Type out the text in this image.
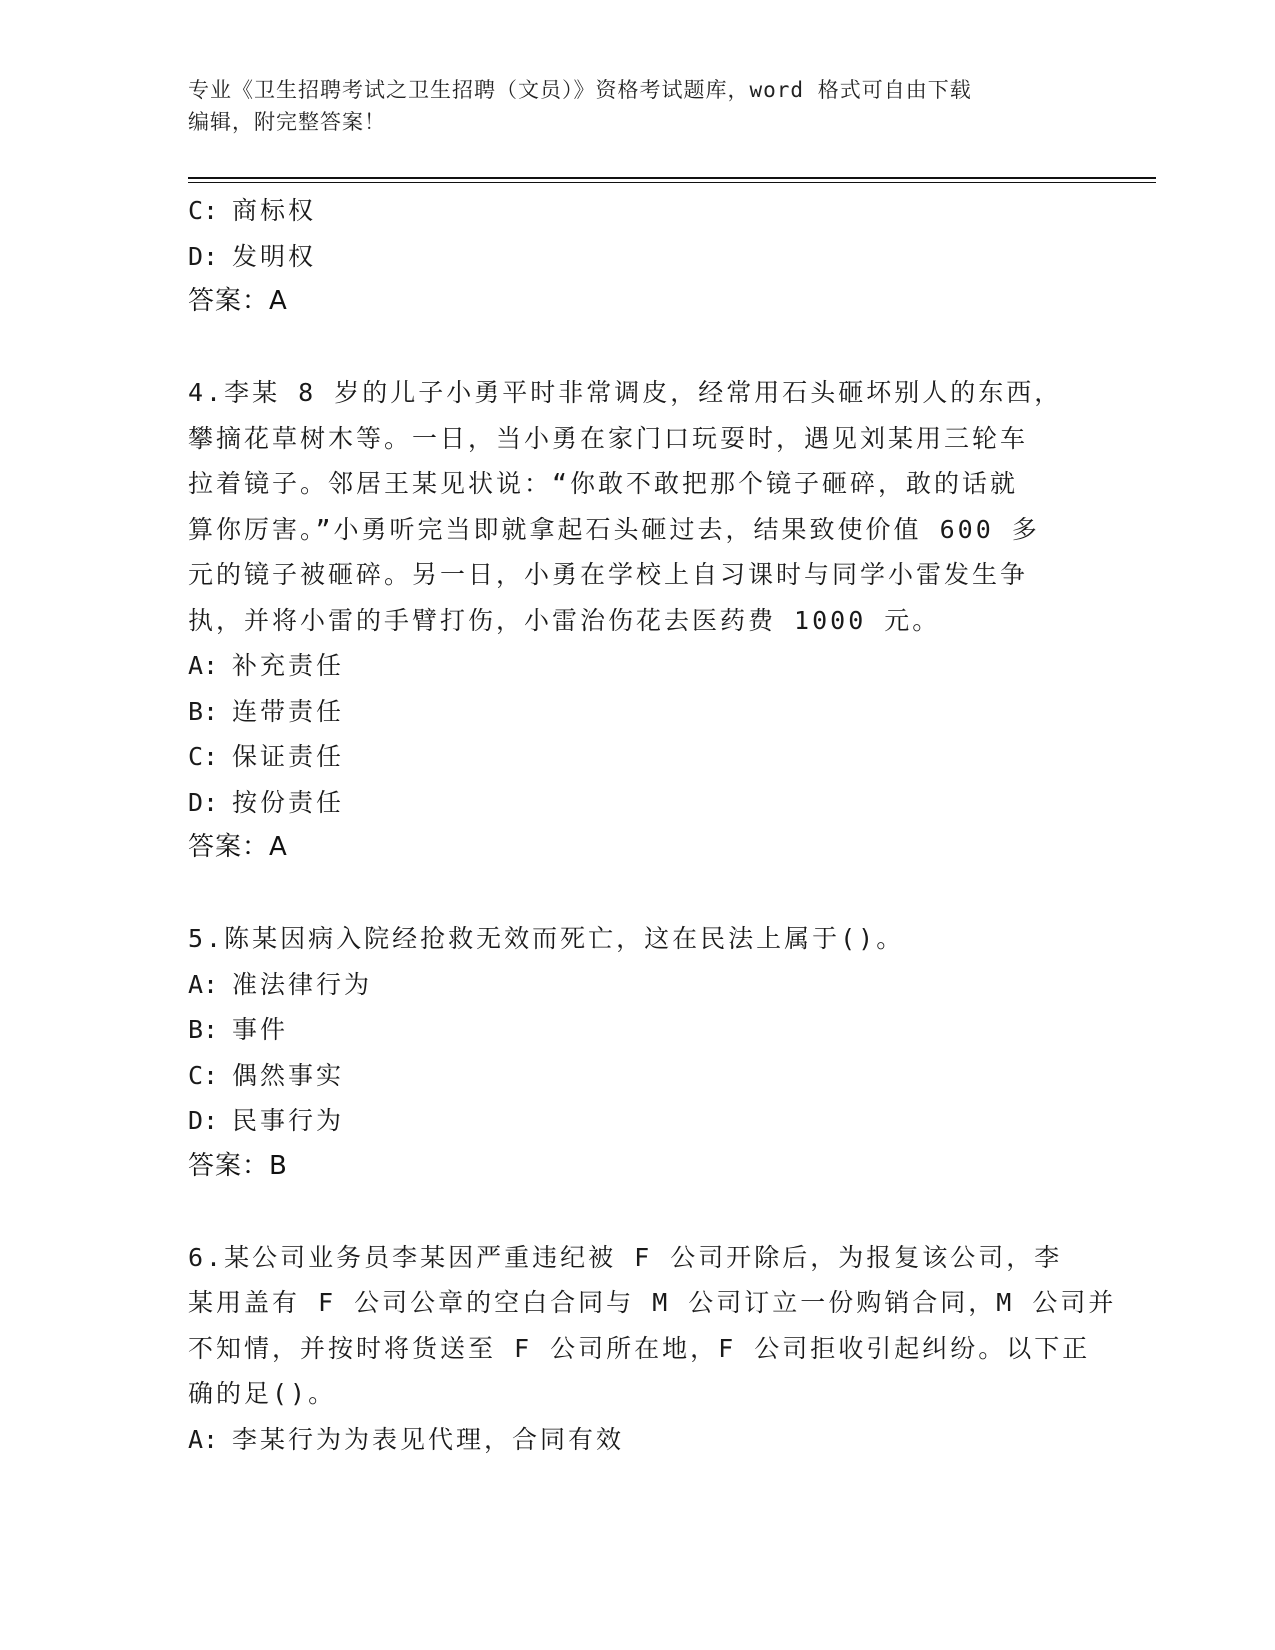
专业《卫生招聘考试之卫生招聘（文员）》资格考试题库，word 格式可自由下载
编辑，附完整答案！
C: 商标权
D: 发明权
答案：A
4.李某 8 岁的儿子小勇平时非常调皮，经常用石头砸坏别人的东西，
攀摘花草树木等。一日，当小勇在家门口玩耍时，遇见刘某用三轮车
拉着镜子。邻居王某见状说：“你敢不敢把那个镜子砸碎，敢的话就
算你厉害。”小勇听完当即就拿起石头砸过去，结果致使价值 600 多
元的镜子被砸碎。另一日，小勇在学校上自习课时与同学小雷发生争
执，并将小雷的手臂打伤，小雷治伤花去医药费 1000 元。
A: 补充责任
B: 连带责任
C: 保证责任
D: 按份责任
答案：A
5.陈某因病入院经抢救无效而死亡，这在民法上属于()。
A: 准法律行为
B: 事件
C: 偶然事实
D: 民事行为
答案：B
6.某公司业务员李某因严重违纪被 F 公司开除后，为报复该公司，李
某用盖有 F 公司公章的空白合同与 M 公司订立一份购销合同，M 公司并
不知情，并按时将货送至 F 公司所在地，F 公司拒收引起纠纷。以下正
确的足()。
A: 李某行为为表见代理，合同有效
